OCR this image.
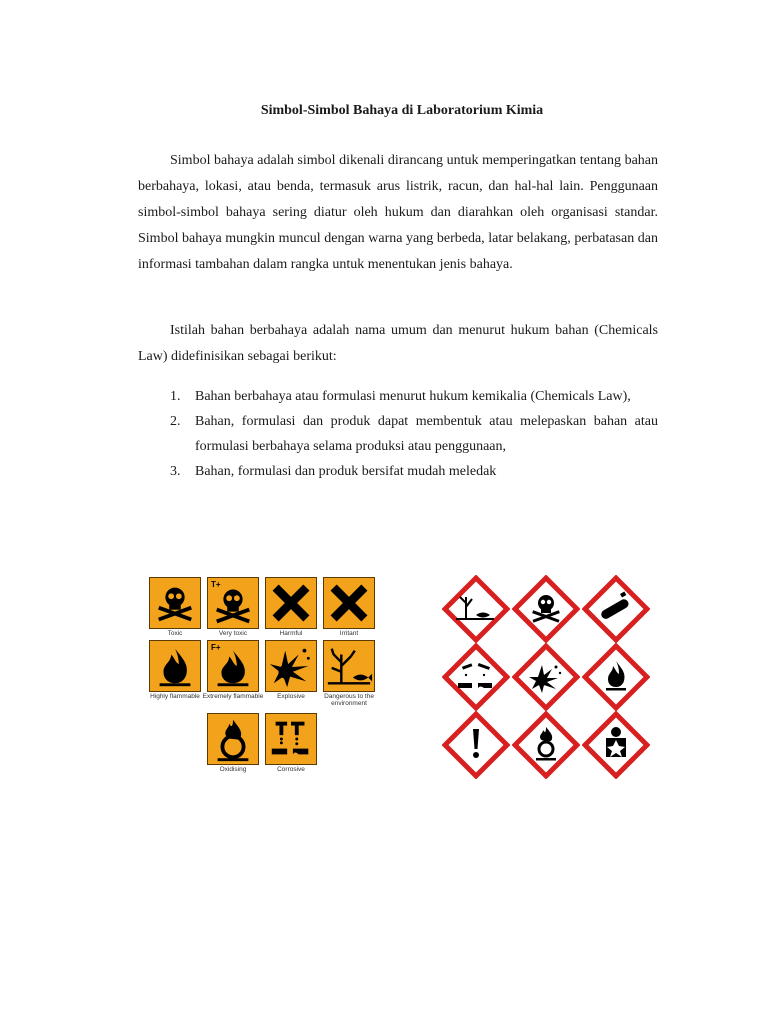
Simbol-Simbol Bahaya di Laboratorium Kimia

Simbol bahaya adalah simbol dikenali dirancang untuk memperingatkan tentang bahan berbahaya, lokasi, atau benda, termasuk arus listrik, racun, dan hal-hal lain. Penggunaan simbol-simbol bahaya sering diatur oleh hukum dan diarahkan oleh organisasi standar. Simbol bahaya mungkin muncul dengan warna yang berbeda, latar belakang, perbatasan dan informasi tambahan dalam rangka untuk menentukan jenis bahaya.

Istilah bahan berbahaya adalah nama umum dan menurut hukum bahan (Chemicals Law) didefinisikan sebagai berikut:

1. Bahan berbahaya atau formulasi menurut hukum kemikalia (Chemicals Law),
2. Bahan, formulasi dan produk dapat membentuk atau melepaskan bahan atau formulasi berbahaya selama produksi atau penggunaan,
3. Bahan, formulasi dan produk bersifat mudah meledak
Toxic
T+
Very toxic	Harmful	Irritant
Highly flammable
F+
Extremely flammable	Explosive	Dangerous to the environment
Oxidising	Corrosive
